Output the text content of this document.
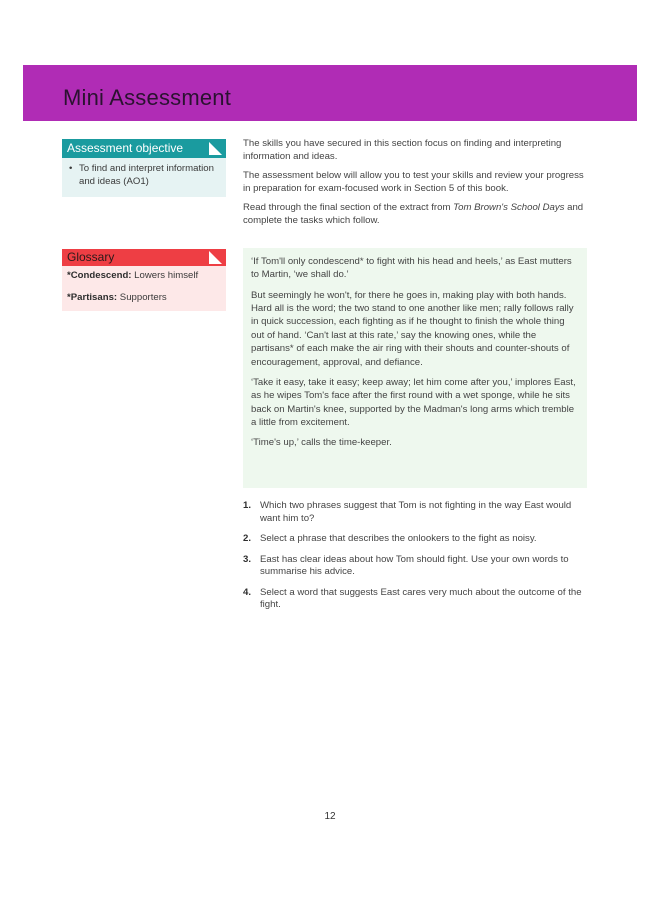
Mini Assessment
Assessment objective
• To find and interpret information and ideas (AO1)
Glossary
*Condescend: Lowers himself
*Partisans: Supporters

The skills you have secured in this section focus on finding and interpreting information and ideas.

The assessment below will allow you to test your skills and review your progress in preparation for exam-focused work in Section 5 of this book.

Read through the final section of the extract from Tom Brown's School Days and complete the tasks which follow.

‘If Tom'll only condescend* to fight with his head and heels,’ as East mutters to Martin, ‘we shall do.’

But seemingly he won't, for there he goes in, making play with both hands. Hard all is the word; the two stand to one another like men; rally follows rally in quick succession, each fighting as if he thought to finish the whole thing out of hand. ‘Can't last at this rate,’ say the knowing ones, while the partisans* of each make the air ring with their shouts and counter-shouts of encouragement, approval, and defiance.

‘Take it easy, take it easy; keep away; let him come after you,’ implores East, as he wipes Tom's face after the first round with a wet sponge, while he sits back on Martin's knee, supported by the Madman's long arms which tremble a little from excitement.

‘Time's up,’ calls the time-keeper.

1. Which two phrases suggest that Tom is not fighting in the way East would want him to?
2. Select a phrase that describes the onlookers to the fight as noisy.
3. East has clear ideas about how Tom should fight. Use your own words to summarise his advice.
4. Select a word that suggests East cares very much about the outcome of the fight.
12
